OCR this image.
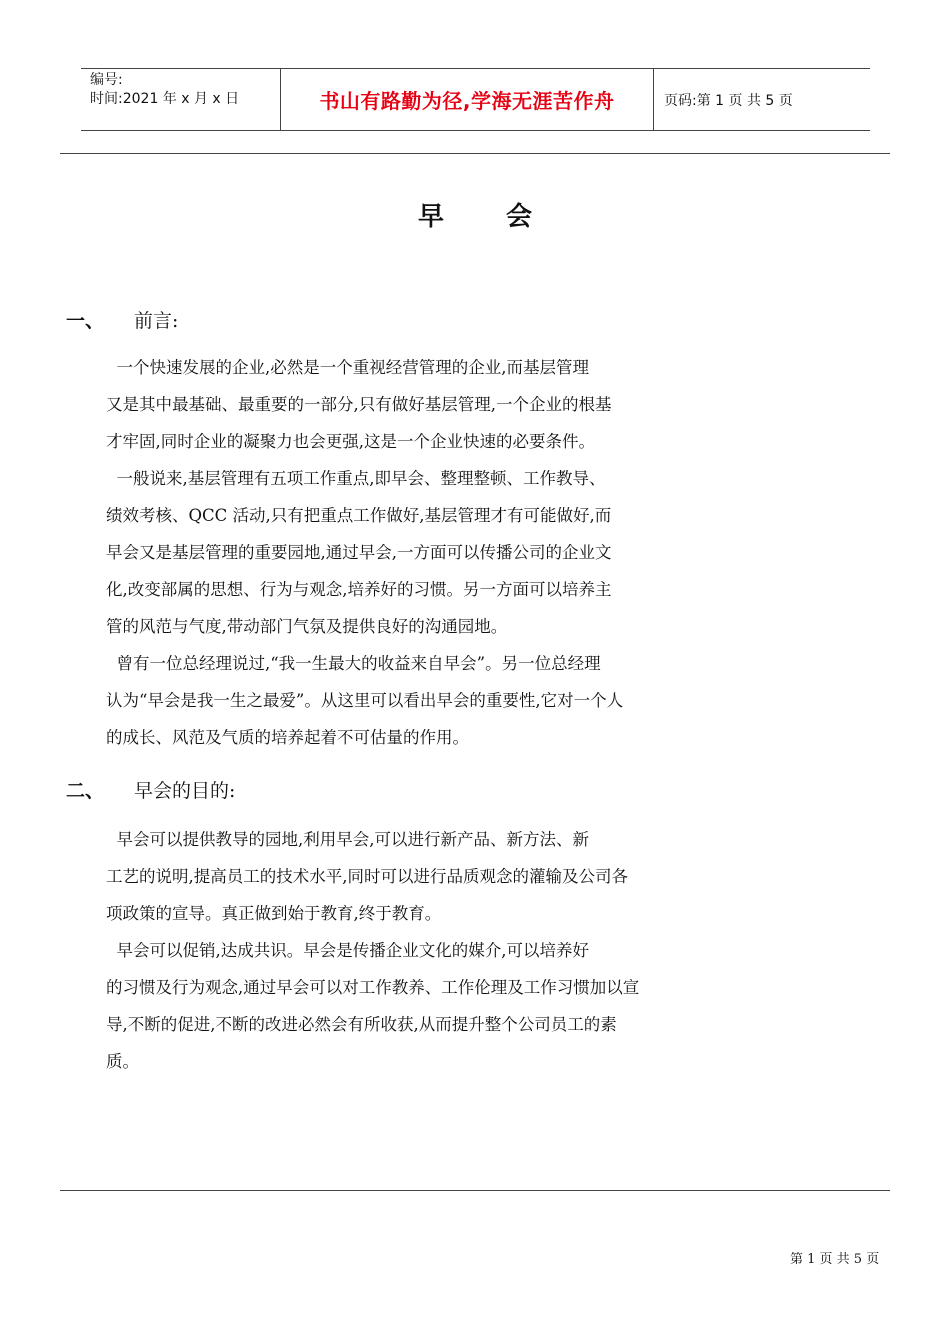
编号:
时间:2021 年 x 月 x 日	书山有路勤为径,学海无涯苦作舟	页码:第 1 页 共 5 页
早会
一、 前言:
一个快速发展的企业,必然是一个重视经营管理的企业,而基层管理
又是其中最基础、最重要的一部分,只有做好基层管理,一个企业的根基
才牢固,同时企业的凝聚力也会更强,这是一个企业快速的必要条件。
一般说来,基层管理有五项工作重点,即早会、整理整顿、工作教导、
绩效考核、QCC 活动,只有把重点工作做好,基层管理才有可能做好,而
早会又是基层管理的重要园地,通过早会,一方面可以传播公司的企业文
化,改变部属的思想、行为与观念,培养好的习惯。另一方面可以培养主
管的风范与气度,带动部门气氛及提供良好的沟通园地。
曾有一位总经理说过,“我一生最大的收益来自早会”。另一位总经理
认为“早会是我一生之最爱”。从这里可以看出早会的重要性,它对一个人
的成长、风范及气质的培养起着不可估量的作用。
二、 早会的目的:
早会可以提供教导的园地,利用早会,可以进行新产品、新方法、新
工艺的说明,提高员工的技术水平,同时可以进行品质观念的灌输及公司各
项政策的宣导。真正做到始于教育,终于教育。
早会可以促销,达成共识。早会是传播企业文化的媒介,可以培养好
的习惯及行为观念,通过早会可以对工作教养、工作伦理及工作习惯加以宣
导,不断的促进,不断的改进必然会有所收获,从而提升整个公司员工的素
质。
第 1 页 共 5 页
